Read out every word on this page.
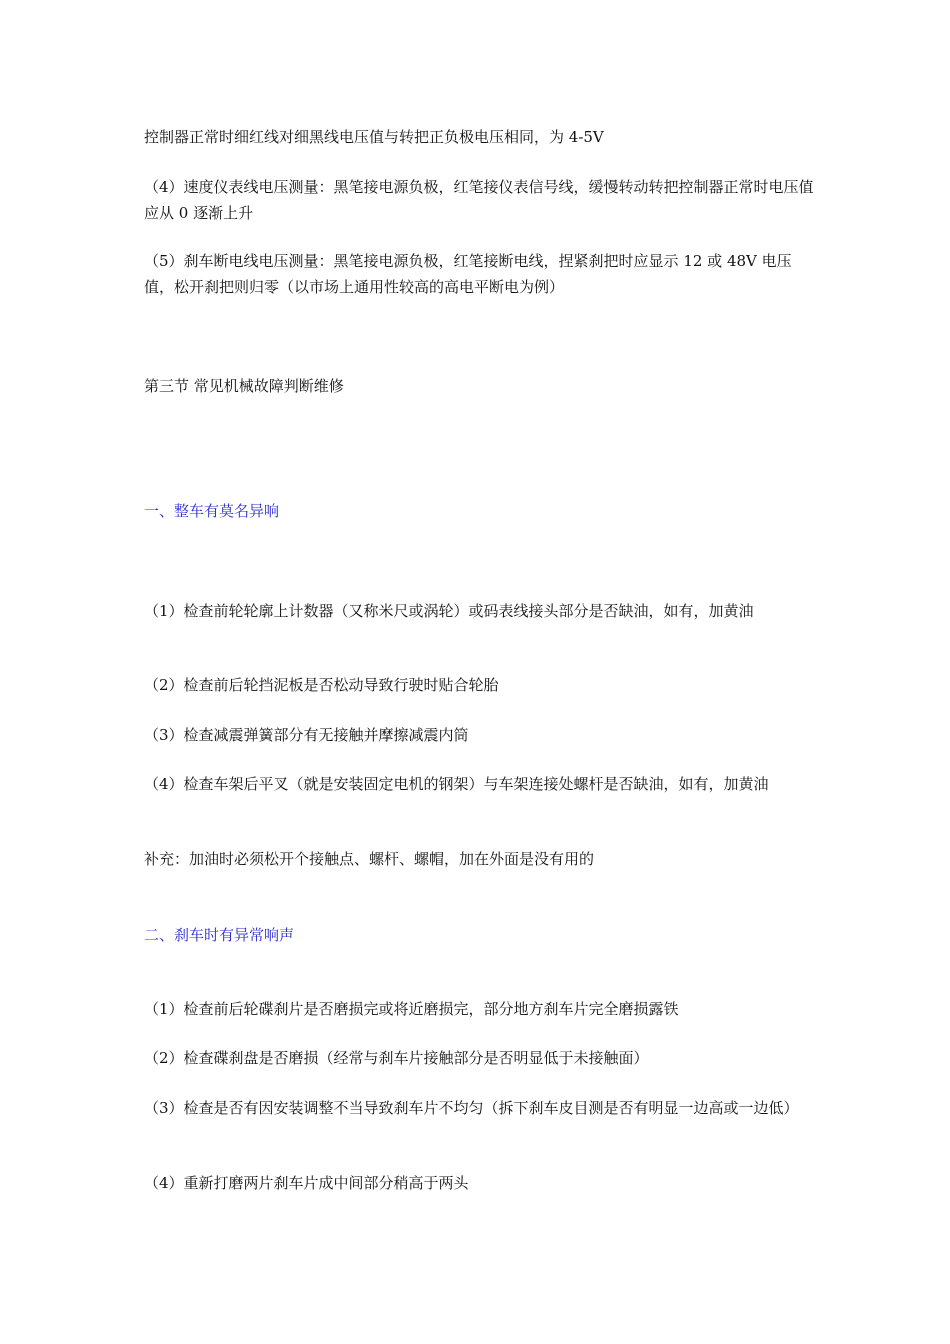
控制器正常时细红线对细黑线电压值与转把正负极电压相同，为 4-5V

（4）速度仪表线电压测量：黑笔接电源负极，红笔接仪表信号线，缓慢转动转把控制器正常时电压值应从 0 逐渐上升

（5）刹车断电线电压测量：黑笔接电源负极，红笔接断电线，捏紧刹把时应显示 12 或 48V 电压值，松开刹把则归零（以市场上通用性较高的高电平断电为例）

第三节 常见机械故障判断维修

一、整车有莫名异响

（1）检查前轮轮廓上计数器（又称米尺或涡轮）或码表线接头部分是否缺油，如有，加黄油

（2）检查前后轮挡泥板是否松动导致行驶时贴合轮胎

（3）检查减震弹簧部分有无接触并摩擦减震内筒

（4）检查车架后平叉（就是安装固定电机的钢架）与车架连接处螺杆是否缺油，如有，加黄油

补充：加油时必须松开个接触点、螺杆、螺帽，加在外面是没有用的

二、刹车时有异常响声

（1）检查前后轮碟刹片是否磨损完或将近磨损完，部分地方刹车片完全磨损露铁

（2）检查碟刹盘是否磨损（经常与刹车片接触部分是否明显低于未接触面）

（3）检查是否有因安装调整不当导致刹车片不均匀（拆下刹车皮目测是否有明显一边高或一边低）

（4）重新打磨两片刹车片成中间部分稍高于两头
